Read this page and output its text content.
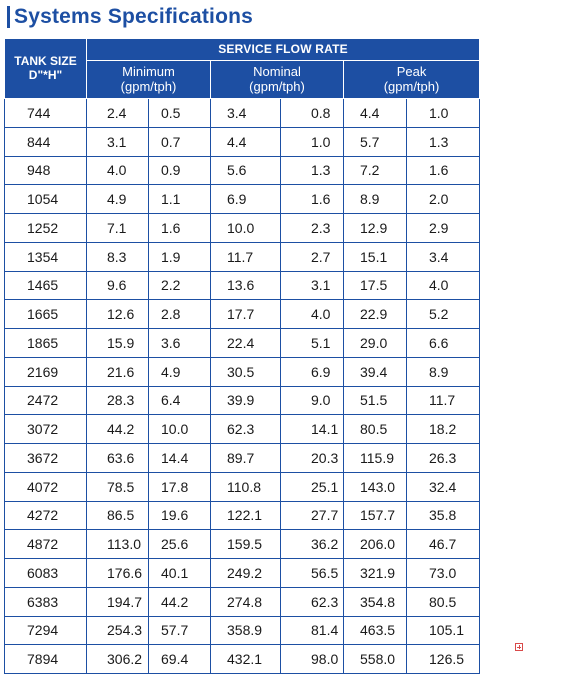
Systems Specifications
TANK SIZE
D"*H"	SERVICE FLOW RATE					

	Minimum
(gpm/tph)		Nominal
(gpm/tph)		Peak
(gpm/tph)	

744	2.4	0.5	3.4	0.8	4.4	1.0
844	3.1	0.7	4.4	1.0	5.7	1.3
948	4.0	0.9	5.6	1.3	7.2	1.6
1054	4.9	1.1	6.9	1.6	8.9	2.0
1252	7.1	1.6	10.0	2.3	12.9	2.9
1354	8.3	1.9	11.7	2.7	15.1	3.4
1465	9.6	2.2	13.6	3.1	17.5	4.0
1665	12.6	2.8	17.7	4.0	22.9	5.2
1865	15.9	3.6	22.4	5.1	29.0	6.6
2169	21.6	4.9	30.5	6.9	39.4	8.9
2472	28.3	6.4	39.9	9.0	51.5	11.7
3072	44.2	10.0	62.3	14.1	80.5	18.2
3672	63.6	14.4	89.7	20.3	115.9	26.3
4072	78.5	17.8	110.8	25.1	143.0	32.4
4272	86.5	19.6	122.1	27.7	157.7	35.8
4872	113.0	25.6	159.5	36.2	206.0	46.7
6083	176.6	40.1	249.2	56.5	321.9	73.0
6383	194.7	44.2	274.8	62.3	354.8	80.5
7294	254.3	57.7	358.9	81.4	463.5	105.1
7894	306.2	69.4	432.1	98.0	558.0	126.5
